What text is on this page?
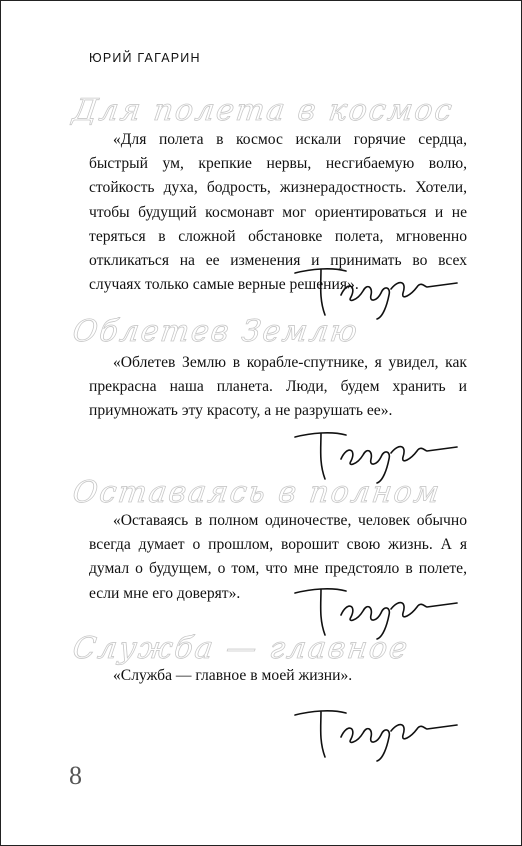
ЮРИЙ ГАГАРИН
Для полета в космос

«Для полета в космос искали горячие сердца, быстрый ум, крепкие нервы, несгибаемую волю, стойкость духа, бодрость, жизнерадостность. Хотели, чтобы будущий космонавт мог ориентироваться и не теряться в сложной обстановке полета, мгновенно откликаться на ее изменения и принимать во всех случаях только самые верные решения».

Облетев Землю

«Облетев Землю в корабле-спутнике, я увидел, как прекрасна наша планета. Люди, будем хранить и приумножать эту красоту, а не разрушать ее».

Оставаясь в полном

«Оставаясь в полном одиночестве, человек обычно всегда думает о прошлом, ворошит свою жизнь. А я думал о будущем, о том, что мне предстояло в полете, если мне его доверят».

Служба — главное

«Служба — главное в моей жизни».

8
